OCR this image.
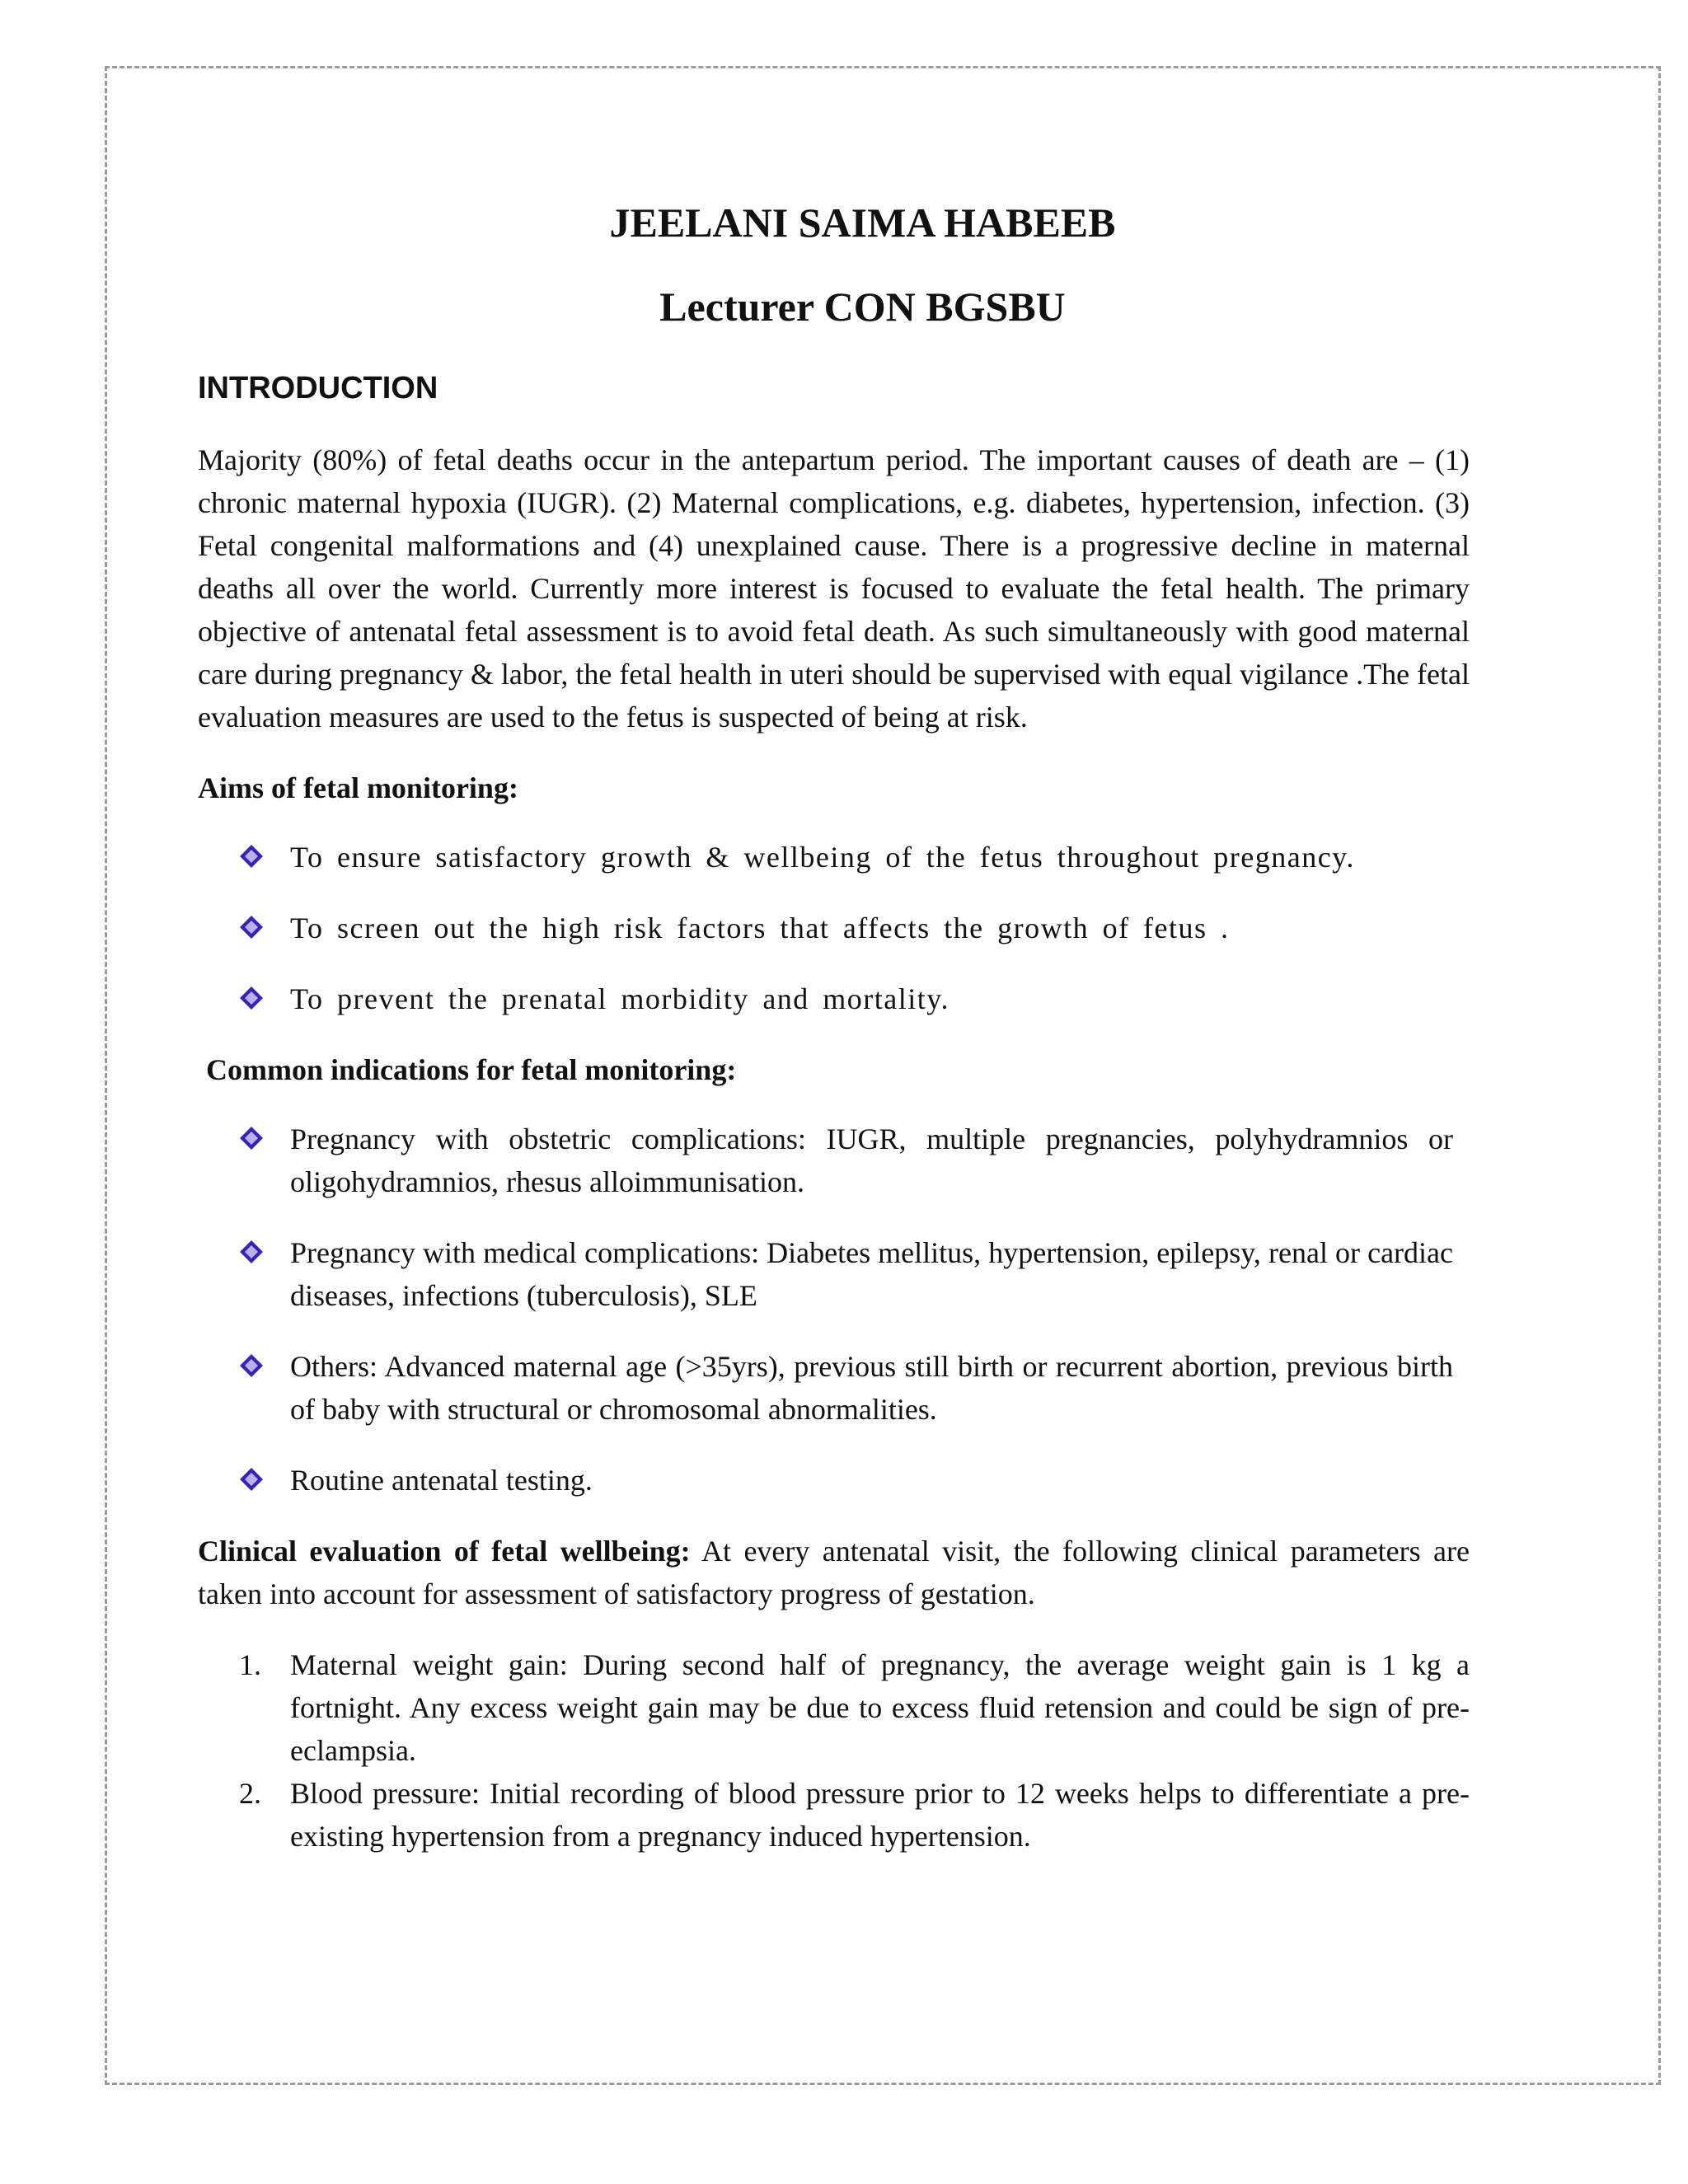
JEELANI SAIMA HABEEB
Lecturer CON BGSBU
INTRODUCTION

Majority (80%) of fetal deaths occur in the antepartum period. The important causes of death are – (1) chronic maternal hypoxia (IUGR). (2) Maternal complications, e.g. diabetes, hypertension, infection. (3) Fetal congenital malformations and (4) unexplained cause. There is a progressive decline in maternal deaths all over the world. Currently more interest is focused to evaluate the fetal health. The primary objective of antenatal fetal assessment is to avoid fetal death. As such simultaneously with good maternal care during pregnancy & labor, the fetal health in uteri should be supervised with equal vigilance .The fetal evaluation measures are used to the fetus is suspected of being at risk.

Aims of fetal monitoring:
To ensure satisfactory growth & wellbeing of the fetus throughout pregnancy.
To screen out the high risk factors that affects the growth of fetus .
To prevent the prenatal morbidity and mortality.
Common indications for fetal monitoring:
Pregnancy with obstetric complications: IUGR, multiple pregnancies, polyhydramnios or oligohydramnios, rhesus alloimmunisation.
Pregnancy with medical complications: Diabetes mellitus, hypertension, epilepsy, renal or cardiac diseases, infections (tuberculosis), SLE
Others: Advanced maternal age (>35yrs), previous still birth or recurrent abortion, previous birth of baby with structural or chromosomal abnormalities.
Routine antenatal testing.

Clinical evaluation of fetal wellbeing: At every antenatal visit, the following clinical parameters are taken into account for assessment of satisfactory progress of gestation.

1. Maternal weight gain: During second half of pregnancy, the average weight gain is 1 kg a fortnight. Any excess weight gain may be due to excess fluid retension and could be sign of pre- eclampsia.
2. Blood pressure: Initial recording of blood pressure prior to 12 weeks helps to differentiate a pre- existing hypertension from a pregnancy induced hypertension.
